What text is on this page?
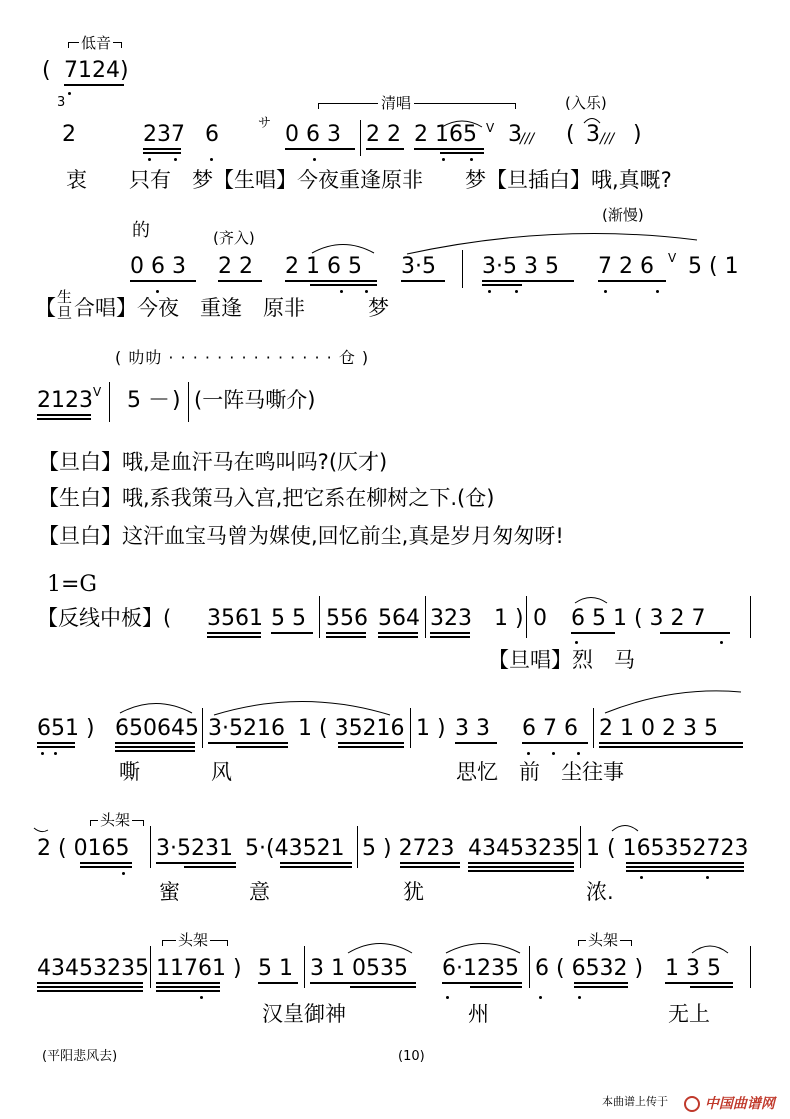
低音
( 7124 )
3
2	237 6	サ
清唱
0 6 3 2 2 2 165 V 3
///
(入乐)
( 3 /// )
衷　　只有　梦【生唱】今夜重逢原非　　梦【旦插白】哦,真嘅?
的	(齐入)
(渐慢)
0 6 3 2 2 2 1 6 5 3·5 3·5 3 5 7 2 6 V 5 ( 1
【 生
旦 合唱】今夜　重逢　原非　　　梦
( 叻叻 · · · · · · · · · · · · · · 仓 )
2123 V 5 － ) (一阵马嘶介)
【旦白】哦,是血汗马在鸣叫吗?(仄才)
【生白】哦,系我策马入宫,把它系在柳树之下.(仓)
【旦白】这汗血宝马曾为媒使,回忆前尘,真是岁月匆匆呀!
1=G
【反线中板】( 3561 5 5 556 564 323 1 ) 0 6 5 1 ( 3 2 7
【旦唱】烈　马
651 ) 650645 3·5216 1 ( 35216 1 ) 3 3 6 7 6 2 1 0 2 3 5
嘶	风	思忆　前　尘往事
头架
2 ( 0165 3·5231 5·(43521 5 ) 2723 43453235 1 ( 165352723
蜜	意	犹	浓.
头架	头架
43453235 11761 ) 5 1 3 1 0535 6·1235 6 ( 6532 ) 1 3 5
汉皇御神	州	无上
(平阳悲风去)	(10)
本曲谱上传于	中国曲谱网
